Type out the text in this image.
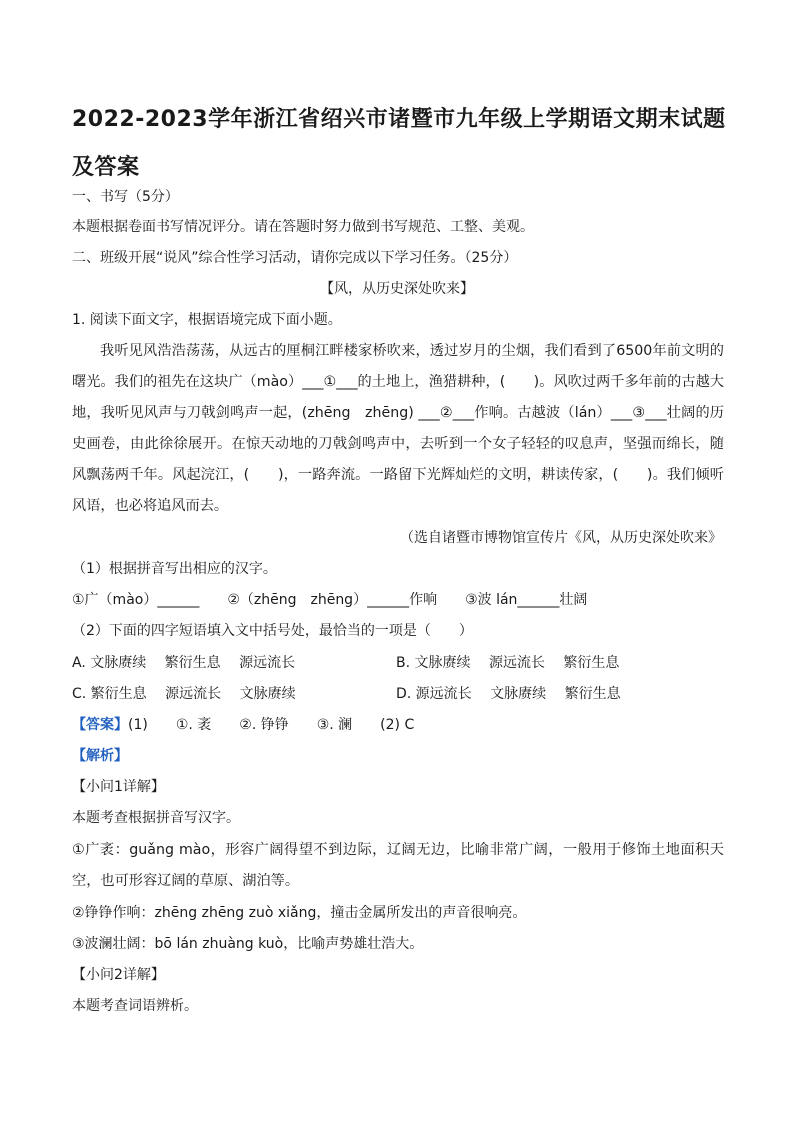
2022-2023学年浙江省绍兴市诸暨市九年级上学期语文期末试题及答案
一、书写（5分）
本题根据卷面书写情况评分。请在答题时努力做到书写规范、工整、美观。
二、班级开展“说风”综合性学习活动，请你完成以下学习任务。（25分）
【风，从历史深处吹来】
1. 阅读下面文字，根据语境完成下面小题。
我听见风浩浩荡荡，从远古的厘桐江畔楼家桥吹来，透过岁月的尘烟，我们看到了6500年前文明的曙光。我们的祖先在这块广（mào）___①___的土地上，渔猎耕种，(　　)。风吹过两千多年前的古越大地，我听见风声与刀戟剑鸣声一起，(zhēng　zhēng) ___②___作响。古越波（lán）___③___壮阔的历史画卷，由此徐徐展开。在惊天动地的刀戟剑鸣声中，去听到一个女子轻轻的叹息声，坚强而绵长，随风飘荡两千年。风起浣江，(　　)，一路奔流。一路留下光辉灿烂的文明，耕读传家，(　　)。我们倾听风语，也必将追风而去。
（选自诸暨市博物馆宣传片《风，从历史深处吹来》
（1）根据拼音写出相应的汉字。
①广（mào）______　　②（zhēng　zhēng）______作响　　③波 lán______壮阔
（2）下面的四字短语填入文中括号处，最恰当的一项是（　　）
A. 文脉赓续　 繁衍生息　 源远流长	B. 文脉赓续　 源远流长　 繁衍生息
C. 繁衍生息　 源远流长　 文脉赓续	D. 源远流长　 文脉赓续　 繁衍生息
【答案】(1)　　①. 袤　　②. 铮铮　　③. 澜　　(2) C
【解析】
【小问1详解】
本题考查根据拼音写汉字。
①广袤：guǎng mào，形容广阔得望不到边际，辽阔无边，比喻非常广阔，一般用于修饰土地面积天空，也可形容辽阔的草原、湖泊等。
②铮铮作响：zhēng zhēng zuò xiǎng，撞击金属所发出的声音很响亮。
③波澜壮阔：bō lán zhuàng kuò，比喻声势雄壮浩大。
【小问2详解】
本题考查词语辨析。
